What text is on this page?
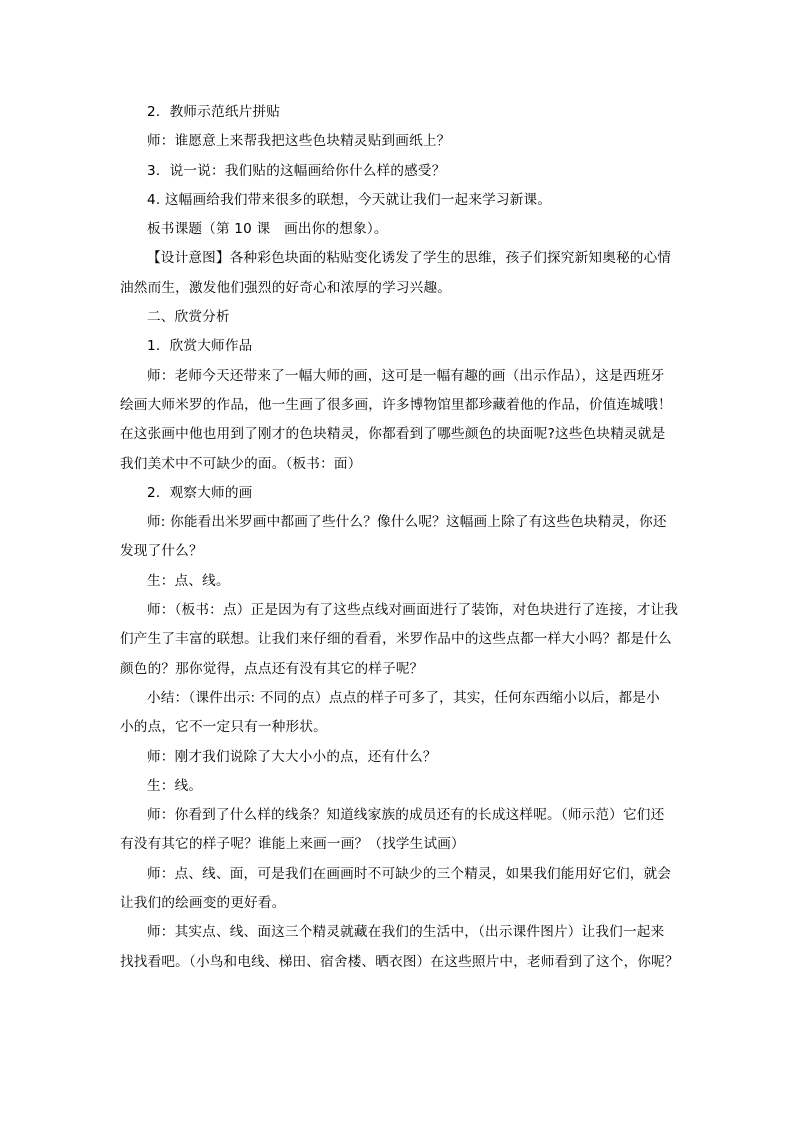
2．教师示范纸片拼贴

师：谁愿意上来帮我把这些色块精灵贴到画纸上？

3．说一说：我们贴的这幅画给你什么样的感受？

4. 这幅画给我们带来很多的联想，今天就让我们一起来学习新课。

板书课题（第 10 课　画出你的想象）。

【设计意图】各种彩色块面的粘贴变化诱发了学生的思维，孩子们探究新知奥秘的心情
油然而生，激发他们强烈的好奇心和浓厚的学习兴趣。

二、欣赏分析

1．欣赏大师作品

师：老师今天还带来了一幅大师的画，这可是一幅有趣的画（出示作品），这是西班牙
绘画大师米罗的作品，他一生画了很多画，许多博物馆里都珍藏着他的作品，价值连城哦！
在这张画中他也用到了刚才的色块精灵，你都看到了哪些颜色的块面呢?这些色块精灵就是
我们美术中不可缺少的面。（板书：面）

2．观察大师的画

师: 你能看出米罗画中都画了些什么？像什么呢？这幅画上除了有这些色块精灵，你还
发现了什么？

生：点、线。

师：（板书：点）正是因为有了这些点线对画面进行了装饰，对色块进行了连接，才让我
们产生了丰富的联想。让我们来仔细的看看，米罗作品中的这些点都一样大小吗？都是什么
颜色的？那你觉得，点点还有没有其它的样子呢？

小结：（课件出示: 不同的点）点点的样子可多了，其实，任何东西缩小以后，都是小
小的点，它不一定只有一种形状。

师：刚才我们说除了大大小小的点，还有什么？

生：线。

师：你看到了什么样的线条？知道线家族的成员还有的长成这样呢。（师示范）它们还
有没有其它的样子呢？谁能上来画一画？（找学生试画）

师：点、线、面，可是我们在画画时不可缺少的三个精灵，如果我们能用好它们，就会
让我们的绘画变的更好看。

师：其实点、线、面这三个精灵就藏在我们的生活中，（出示课件图片）让我们一起来
找找看吧。（小鸟和电线、梯田、宿舍楼、晒衣图）在这些照片中，老师看到了这个，你呢？
